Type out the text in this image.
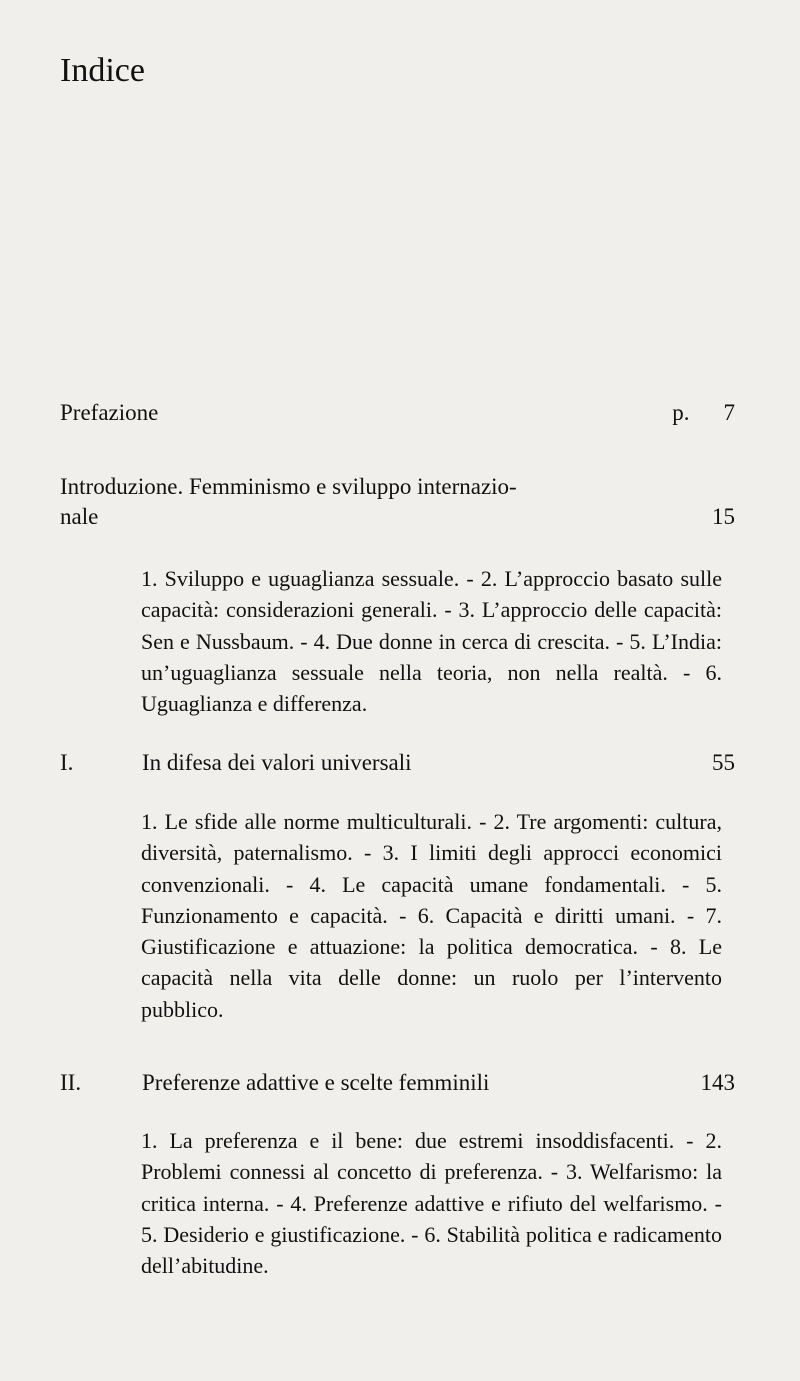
Indice
Prefazione	p. 7
Introduzione. Femminismo e sviluppo internazio-
nale	15

1. Sviluppo e uguaglianza sessuale. - 2. L’approccio basato sulle capacità: considerazioni generali. - 3. L’approccio delle capacità: Sen e Nussbaum. - 4. Due donne in cerca di crescita. - 5. L’India: un’uguaglianza sessuale nella teoria, non nella realtà. - 6. Uguaglianza e differenza.

I.	In difesa dei valori universali	55

1. Le sfide alle norme multiculturali. - 2. Tre argomenti: cultura, diversità, paternalismo. - 3. I limiti degli approcci economici convenzionali. - 4. Le capacità umane fondamentali. - 5. Funzionamento e capacità. - 6. Capacità e diritti umani. - 7. Giustificazione e attuazione: la politica democratica. - 8. Le capacità nella vita delle donne: un ruolo per l’intervento pubblico.

II.	Preferenze adattive e scelte femminili	143

1. La preferenza e il bene: due estremi insoddisfacenti. - 2. Problemi connessi al concetto di preferenza. - 3. Welfarismo: la critica interna. - 4. Preferenze adattive e rifiuto del welfarismo. - 5. Desiderio e giustificazione. - 6. Stabilità politica e radicamento dell’abitudine.
